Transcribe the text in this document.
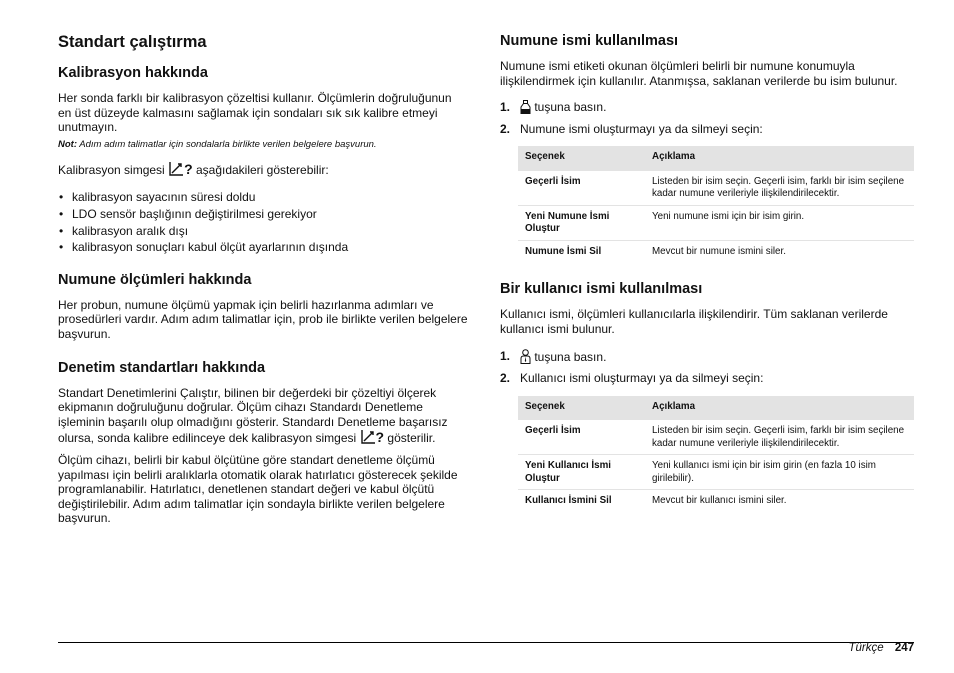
Standart çalıştırma
Kalibrasyon hakkında

Her sonda farklı bir kalibrasyon çözeltisi kullanır. Ölçümlerin doğruluğunun en üst düzeyde kalmasını sağlamak için sondaları sık sık kalibre etmeyi unutmayın.

Not: Adım adım talimatlar için sondalarla birlikte verilen belgelere başvurun.

Kalibrasyon simgesi ? aşağıdakileri gösterebilir:

• kalibrasyon sayacının süresi doldu
• LDO sensör başlığının değiştirilmesi gerekiyor
• kalibrasyon aralık dışı
• kalibrasyon sonuçları kabul ölçüt ayarlarının dışında
Numune ölçümleri hakkında

Her probun, numune ölçümü yapmak için belirli hazırlanma adımları ve prosedürleri vardır. Adım adım talimatlar için, prob ile birlikte verilen belgelere başvurun.

Denetim standartları hakkında

Standart Denetimlerini Çalıştır, bilinen bir değerdeki bir çözeltiyi ölçerek ekipmanın doğruluğunu doğrular. Ölçüm cihazı Standardı Denetleme işleminin başarılı olup olmadığını gösterir. Standardı Denetleme başarısız olursa, sonda kalibre edilinceye dek kalibrasyon simgesi ? gösterilir.

Ölçüm cihazı, belirli bir kabul ölçütüne göre standart denetleme ölçümü yapılması için belirli aralıklarla otomatik olarak hatırlatıcı gösterecek şekilde programlanabilir. Hatırlatıcı, denetlenen standart değeri ve kabul ölçütü değiştirilebilir. Adım adım talimatlar için sondayla birlikte verilen belgelere başvurun.

Numune ismi kullanılması

Numune ismi etiketi okunan ölçümleri belirli bir numune konumuyla ilişkilendirmek için kullanılır. Atanmışsa, saklanan verilerde bu isim bulunur.

1.	tuşuna basın.
2. Numune ismi oluşturmayı ya da silmeyi seçin:
Seçenek	Açıklama
Geçerli İsim	Listeden bir isim seçin. Geçerli isim, farklı bir isim seçilene kadar numune verileriyle ilişkilendirilecektir.
Yeni Numune İsmi Oluştur	Yeni numune ismi için bir isim girin.
Numune İsmi Sil	Mevcut bir numune ismini siler.
Bir kullanıcı ismi kullanılması

Kullanıcı ismi, ölçümleri kullanıcılarla ilişkilendirir. Tüm saklanan verilerde kullanıcı ismi bulunur.

1.	tuşuna basın.
2. Kullanıcı ismi oluşturmayı ya da silmeyi seçin:
Seçenek	Açıklama
Geçerli İsim	Listeden bir isim seçin. Geçerli isim, farklı bir isim seçilene kadar numune verileriyle ilişkilendirilecektir.
Yeni Kullanıcı İsmi Oluştur	Yeni kullanıcı ismi için bir isim girin (en fazla 10 isim girilebilir).
Kullanıcı İsmini Sil	Mevcut bir kullanıcı ismini siler.
Türkçe 247
